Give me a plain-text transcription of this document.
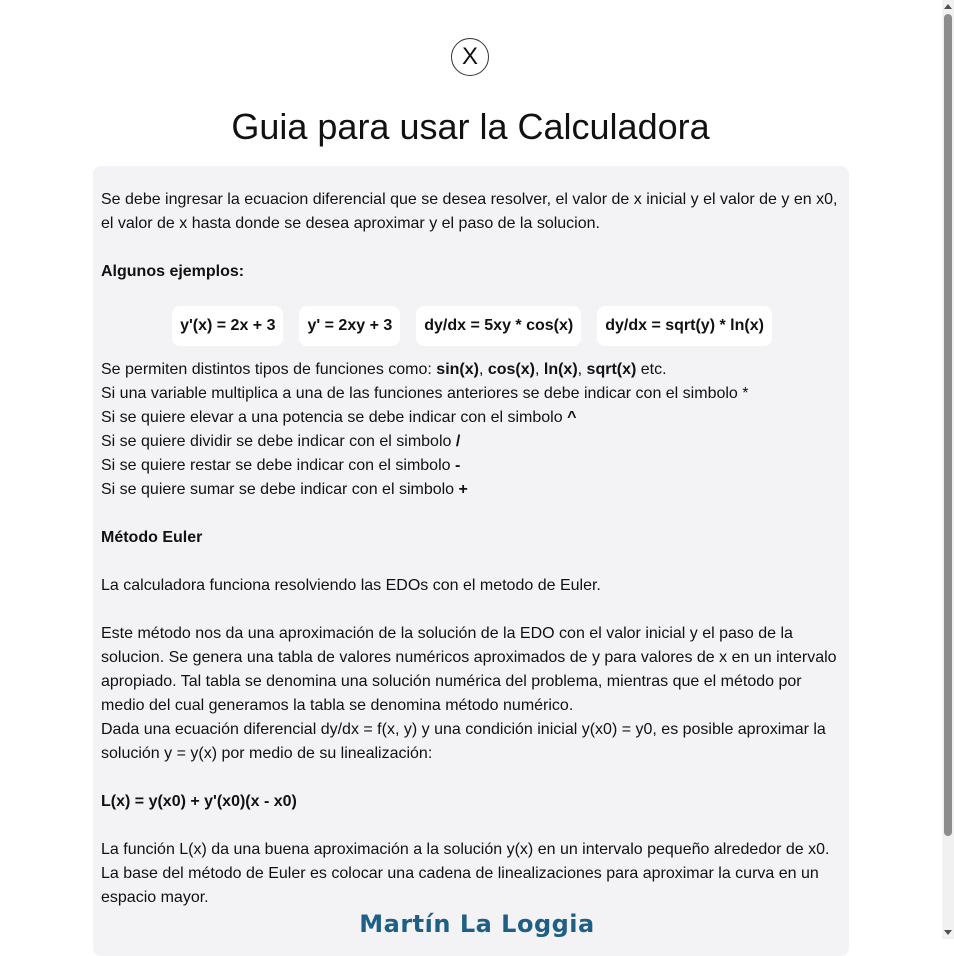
X
Guia para usar la Calculadora

Se debe ingresar la ecuacion diferencial que se desea resolver, el valor de x inicial y el valor de y en x0, el valor de x hasta donde se desea aproximar y el paso de la solucion.

Algunos ejemplos:

y'(x) = 2x + 3	y' = 2xy + 3	dy/dx = 5xy * cos(x)	dy/dx = sqrt(y) * ln(x)

Se permiten distintos tipos de funciones como: sin(x), cos(x), ln(x), sqrt(x) etc.

Si una variable multiplica a una de las funciones anteriores se debe indicar con el simbolo *

Si se quiere elevar a una potencia se debe indicar con el simbolo ^

Si se quiere dividir se debe indicar con el simbolo /

Si se quiere restar se debe indicar con el simbolo -

Si se quiere sumar se debe indicar con el simbolo +

Método Euler

La calculadora funciona resolviendo las EDOs con el metodo de Euler.

Este método nos da una aproximación de la solución de la EDO con el valor inicial y el paso de la solucion. Se genera una tabla de valores numéricos aproximados de y para valores de x en un intervalo apropiado. Tal tabla se denomina una solución numérica del problema, mientras que el método por medio del cual generamos la tabla se denomina método numérico.

Dada una ecuación diferencial dy/dx = f(x, y) y una condición inicial y(x0) = y0, es posible aproximar la solución y = y(x) por medio de su linealización:

L(x) = y(x0) + y'(x0)(x - x0)

La función L(x) da una buena aproximación a la solución y(x) en un intervalo pequeño alrededor de x0. La base del método de Euler es colocar una cadena de linealizaciones para aproximar la curva en un espacio mayor.

Martín La Loggia
